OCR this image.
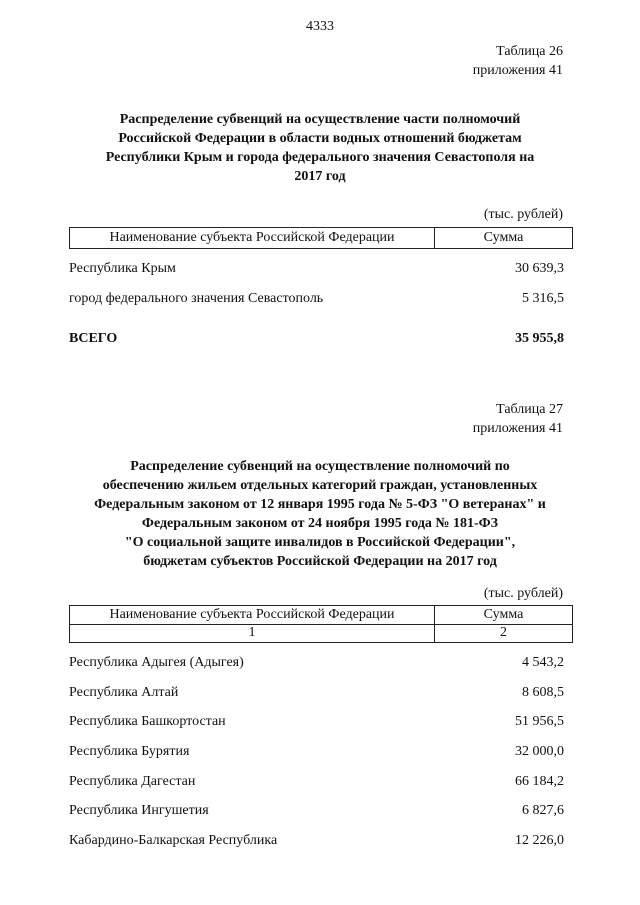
4333
Таблица 26
приложения 41
Распределение субвенций на осуществление части полномочий
Российской Федерации в области водных отношений бюджетам
Республики Крым и города федерального значения Севастополя на
2017 год
(тыс. рублей)
Наименование субъекта Российской Федерации	Сумма
Республика Крым	30 639,3
город федерального значения Севастополь	5 316,5
ВСЕГО	35 955,8
Таблица 27
приложения 41
Распределение субвенций на осуществление полномочий по
обеспечению жильем отдельных категорий граждан, установленных
Федеральным законом от 12 января 1995 года № 5-ФЗ "О ветеранах" и
Федеральным законом от 24 ноября 1995 года № 181-ФЗ
"О социальной защите инвалидов в Российской Федерации",
бюджетам субъектов Российской Федерации на 2017 год
(тыс. рублей)
Наименование субъекта Российской Федерации	Сумма
1	2
Республика Адыгея (Адыгея)	4 543,2
Республика Алтай	8 608,5
Республика Башкортостан	51 956,5
Республика Бурятия	32 000,0
Республика Дагестан	66 184,2
Республика Ингушетия	6 827,6
Кабардино-Балкарская Республика	12 226,0
